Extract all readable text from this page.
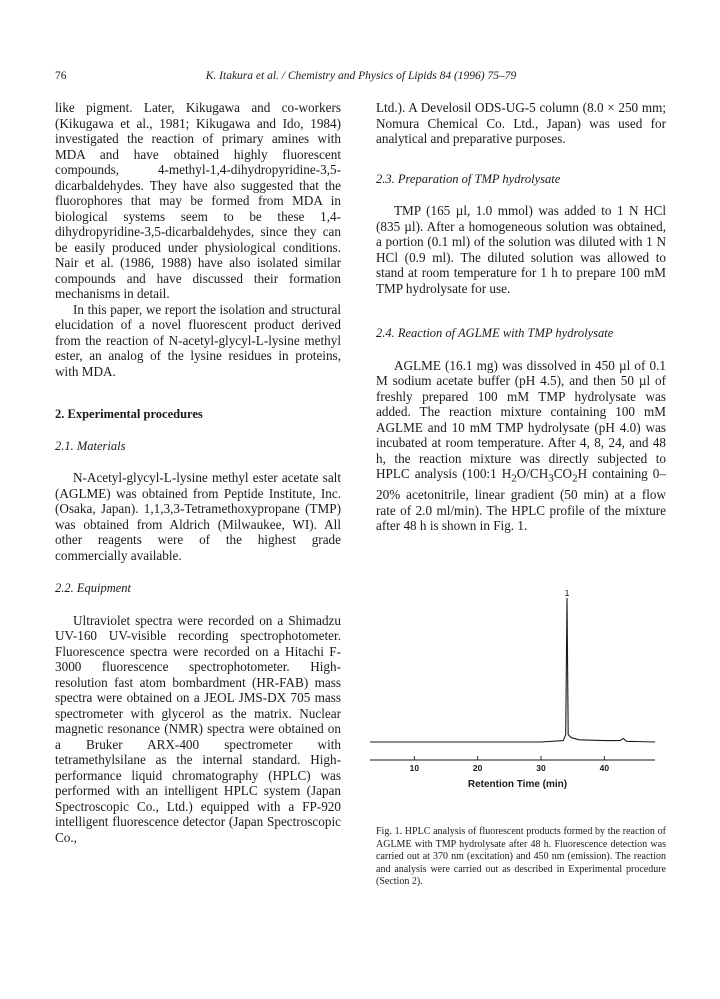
76	K. Itakura et al. / Chemistry and Physics of Lipids 84 (1996) 75–79

like pigment. Later, Kikugawa and co-workers (Kikugawa et al., 1981; Kikugawa and Ido, 1984) investigated the reaction of primary amines with MDA and have obtained highly fluorescent compounds, 4-methyl-1,4-dihydropyridine-3,5-dicarbaldehydes. They have also suggested that the fluorophores that may be formed from MDA in biological systems seem to be these 1,4-dihydropyridine-3,5-dicarbaldehydes, since they can be easily produced under physiological conditions. Nair et al. (1986, 1988) have also isolated similar compounds and have discussed their formation mechanisms in detail.

In this paper, we report the isolation and structural elucidation of a novel fluorescent product derived from the reaction of N-acetyl-glycyl-L-lysine methyl ester, an analog of the lysine residues in proteins, with MDA.

2. Experimental procedures

2.1. Materials

N-Acetyl-glycyl-L-lysine methyl ester acetate salt (AGLME) was obtained from Peptide Institute, Inc. (Osaka, Japan). 1,1,3,3-Tetramethoxypropane (TMP) was obtained from Aldrich (Milwaukee, WI). All other reagents were of the highest grade commercially available.

2.2. Equipment

Ultraviolet spectra were recorded on a Shimadzu UV-160 UV-visible recording spectrophotometer. Fluorescence spectra were recorded on a Hitachi F-3000 fluorescence spectrophotometer. High-resolution fast atom bombardment (HR-FAB) mass spectra were obtained on a JEOL JMS-DX 705 mass spectrometer with glycerol as the matrix. Nuclear magnetic resonance (NMR) spectra were obtained on a Bruker ARX-400 spectrometer with tetramethylsilane as the internal standard. High-performance liquid chromatography (HPLC) was performed with an intelligent HPLC system (Japan Spectroscopic Co., Ltd.) equipped with a FP-920 intelligent fluorescence detector (Japan Spectroscopic Co.,

Ltd.). A Develosil ODS-UG-5 column (8.0 × 250 mm; Nomura Chemical Co. Ltd., Japan) was used for analytical and preparative purposes.

2.3. Preparation of TMP hydrolysate

TMP (165 µl, 1.0 mmol) was added to 1 N HCl (835 µl). After a homogeneous solution was obtained, a portion (0.1 ml) of the solution was diluted with 1 N HCl (0.9 ml). The diluted solution was allowed to stand at room temperature for 1 h to prepare 100 mM TMP hydrolysate for use.

2.4. Reaction of AGLME with TMP hydrolysate

AGLME (16.1 mg) was dissolved in 450 µl of 0.1 M sodium acetate buffer (pH 4.5), and then 50 µl of freshly prepared 100 mM TMP hydrolysate was added. The reaction mixture containing 100 mM AGLME and 10 mM TMP hydrolysate (pH 4.0) was incubated at room temperature. After 4, 8, 24, and 48 h, the reaction mixture was directly subjected to HPLC analysis (100:1 $H_2O/CH_3CO_2H$ containing 0–20% acetonitrile, linear gradient (50 min) at a flow rate of 2.0 ml/min). The HPLC profile of the mixture after 48 h is shown in Fig. 1.

1
10	20	30	40
Retention Time (min)
Fig. 1. HPLC analysis of fluorescent products formed by the reaction of AGLME with TMP hydrolysate after 48 h. Fluorescence detection was carried out at 370 nm (excitation) and 450 nm (emission). The reaction and analysis were carried out as described in Experimental procedure (Section 2).
